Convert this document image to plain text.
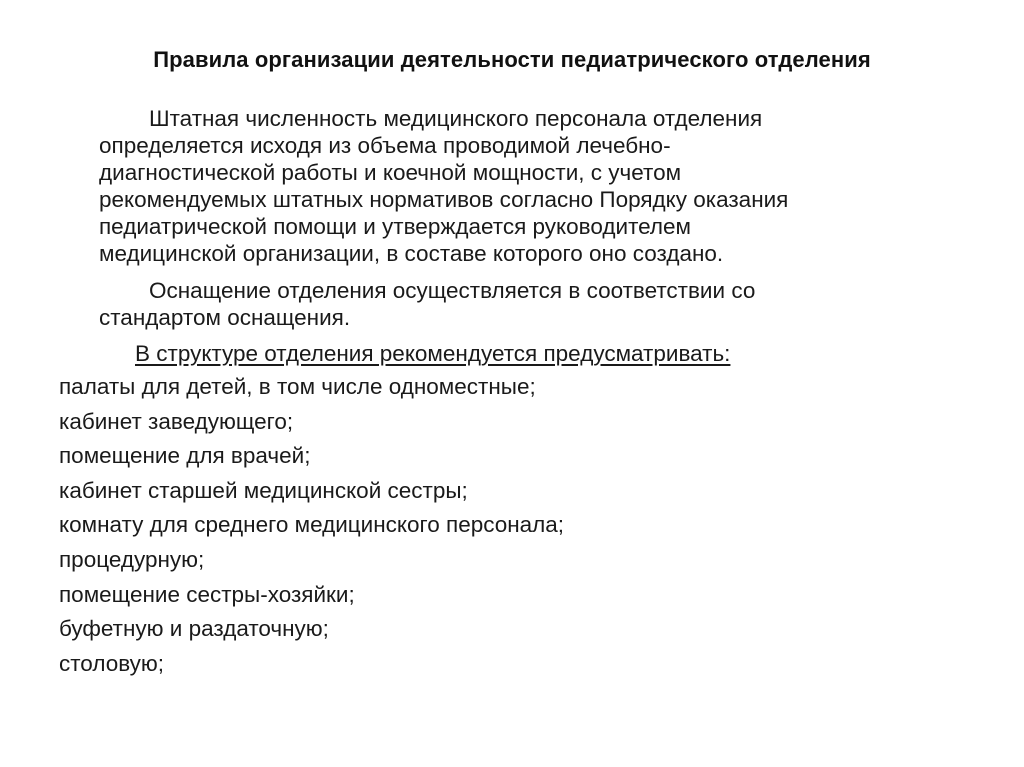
Правила организации деятельности педиатрического отделения
Штатная численность медицинского персонала отделения
определяется исходя из объема проводимой лечебно-
диагностической работы и коечной мощности, с учетом
рекомендуемых штатных нормативов согласно Порядку оказания
педиатрической помощи и утверждается руководителем
медицинской организации, в составе которого оно создано.
Оснащение отделения осуществляется в соответствии со
стандартом оснащения.
В структуре отделения рекомендуется предусматривать:
палаты для детей, в том числе одноместные;
кабинет заведующего;
помещение для врачей;
кабинет старшей медицинской сестры;
комнату для среднего медицинского персонала;
процедурную;
помещение сестры-хозяйки;
буфетную и раздаточную;
столовую;
